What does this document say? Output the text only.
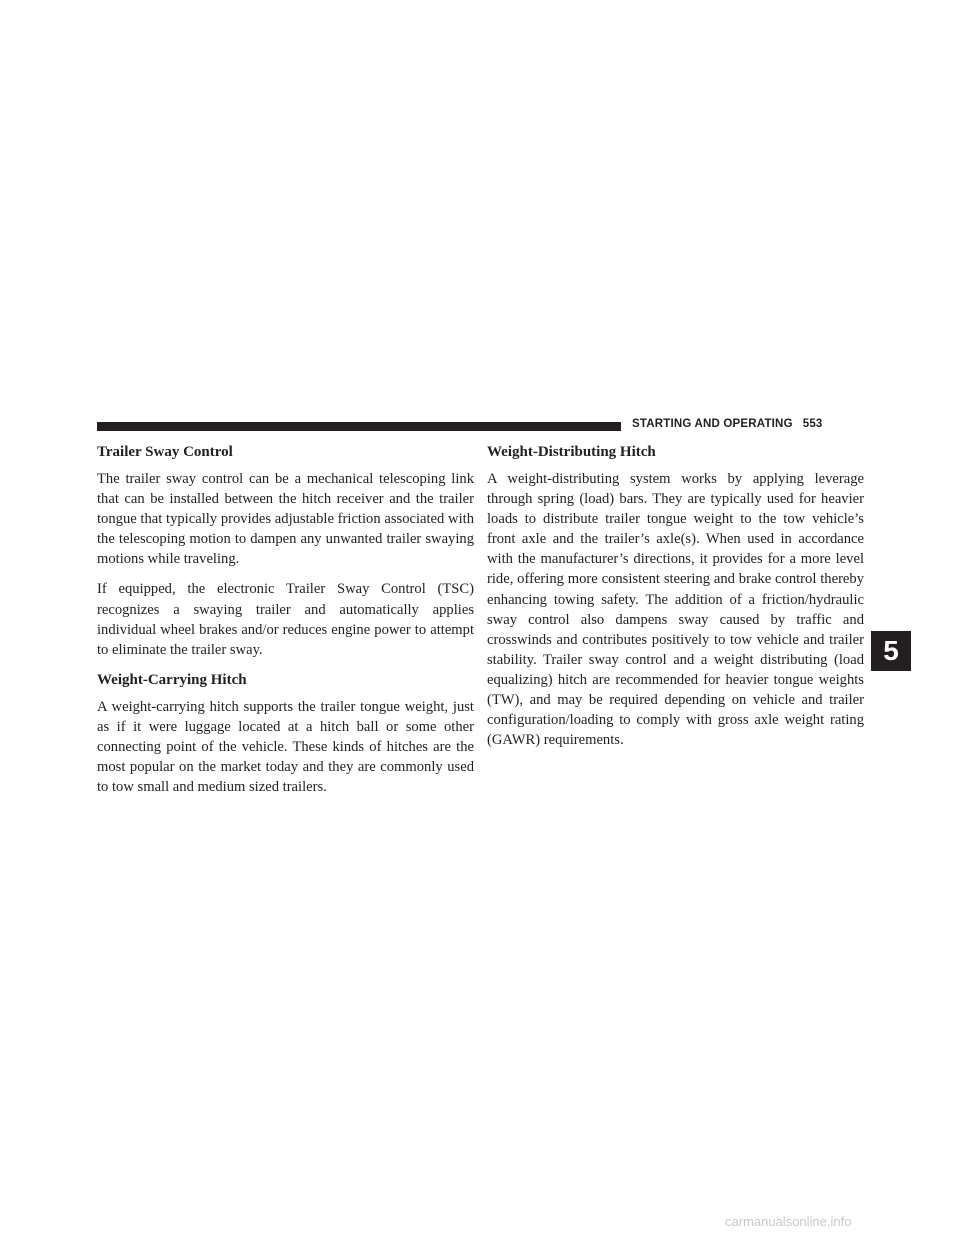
STARTING AND OPERATING 553
Trailer Sway Control

The trailer sway control can be a mechanical telescoping link that can be installed between the hitch receiver and the trailer tongue that typically provides adjustable friction associated with the telescoping motion to dampen any unwanted trailer swaying motions while traveling.

If equipped, the electronic Trailer Sway Control (TSC) recognizes a swaying trailer and automatically applies individual wheel brakes and/or reduces engine power to attempt to eliminate the trailer sway.

Weight-Carrying Hitch

A weight-carrying hitch supports the trailer tongue weight, just as if it were luggage located at a hitch ball or some other connecting point of the vehicle. These kinds of hitches are the most popular on the market today and they are commonly used to tow small and medium sized trailers.

Weight-Distributing Hitch

A weight-distributing system works by applying leverage through spring (load) bars. They are typically used for heavier loads to distribute trailer tongue weight to the tow vehicle’s front axle and the trailer’s axle(s). When used in accordance with the manufacturer’s directions, it provides for a more level ride, offering more consistent steering and brake control thereby enhancing towing safety. The addition of a friction/hydraulic sway control also dampens sway caused by traffic and crosswinds and contributes positively to tow vehicle and trailer stability. Trailer sway control and a weight distributing (load equalizing) hitch are recommended for heavier tongue weights (TW), and may be required depending on vehicle and trailer configuration/loading to comply with gross axle weight rating (GAWR) requirements.

5
carmanualsonline.info
